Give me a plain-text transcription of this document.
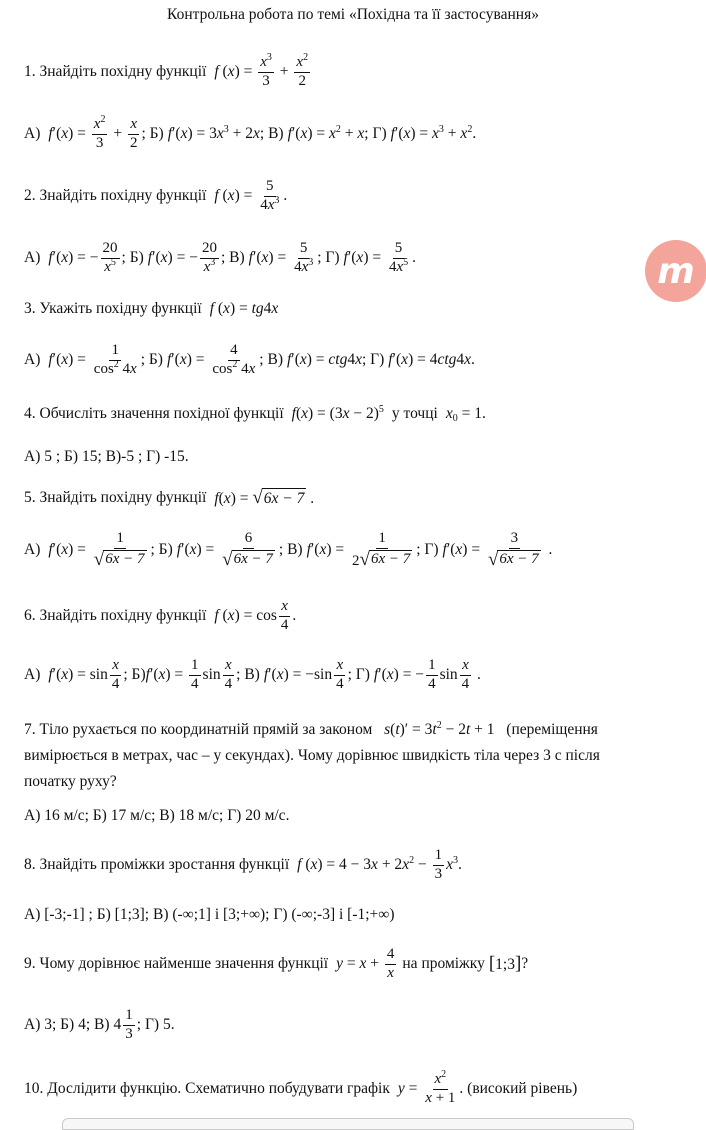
Контрольна робота по темі «Похідна та її застосування»
1. Знайдіть похідну функції f $(x) = \frac{x^3}{3} + \frac{x^2}{2}$
А) $f'(x) = \frac{x^2}{3} + \frac{x}{2}$ ; Б) $f'(x) = 3x^3 + 2x$ ; В) $f'(x) = x^2 + x$ ; Г) $f'(x) = x^3 + x^2$.
2. Знайдіть похідну функції f $(x) = \frac{5}{4x^3}$ .
А) f′(x) = − $\frac{20}{x^5}$ ; Б) f′(x) = − $\frac{20}{x^3}$ ; В) $f'(x) = \frac{5}{4x^3}$ ; Г) $f'(x) = \frac{5}{4x^5}$ .
3. Укажіть похідну функції f (x) = tg4x
А) $f'(x) = \frac{1}{\cos^2 4x}$ ; Б) $f'(x) = \frac{4}{\cos^2 4x}$ ; В) f′(x) = ctg4x ; Г) f′(x) = 4ctg4x.
4. Обчисліть значення похідної функції $f(x) = (3x - 2)^5$ у точці $x_0 = 1$.
А) 5 ; Б) 15; В)-5 ; Г) -15.
5. Знайдіть похідну функції f(x) = √ 6x − 7 .
А) $f'(x) = \frac{1}{√ 6x - 7}$ ; Б) $f'(x) = \frac{6}{√ 6x - 7}$ ; В) $f'(x) = \frac{1}{2 √ 6x - 7}$ ; Г) $f'(x) = \frac{3}{√ 6x - 7}$ .
6. Знайдіть похідну функції f $(x) = \cos \frac{x}{4}$ .
А) $f'(x) = \sin \frac{x}{4}$ ; Б) $f'(x) = \frac{1}{4}$ $\sin \frac{x}{4}$ ; В) $f'(x) = -\sin \frac{x}{4}$ ; Г) f′(x) = − $\frac{1}{4}$ $\sin \frac{x}{4}$ .
7. Тіло рухається по координатній прямій за законом $s(t)' = 3t^2 - 2t + 1$ (переміщення
вимірюється в метрах, час – у секундах). Чому дорівнює швидкість тіла через 3 с після
початку руху?
А) 16 м/с; Б) 17 м/с; В) 18 м/с; Г) 20 м/с.
8. Знайдіть проміжки зростання функції f $(x) = 4 - 3x + 2x^2 - \frac{1}{3} x^3$.
А) [-3;-1] ; Б) [1;3]; В) (-∞;1] і [3;+∞); Г) (-∞;-3] і [-1;+∞)
9. Чому дорівнює найменше значення функції $y = x + \frac{4}{x}$ на проміжку [1;3] ?
А) 3; Б) 4; В) $4 \frac{1}{3}$ ; Г) 5.
10. Дослідити функцію. Схематично побудувати графік $y = \frac{x^2}{x + 1}$ . (високий рівень)
m
